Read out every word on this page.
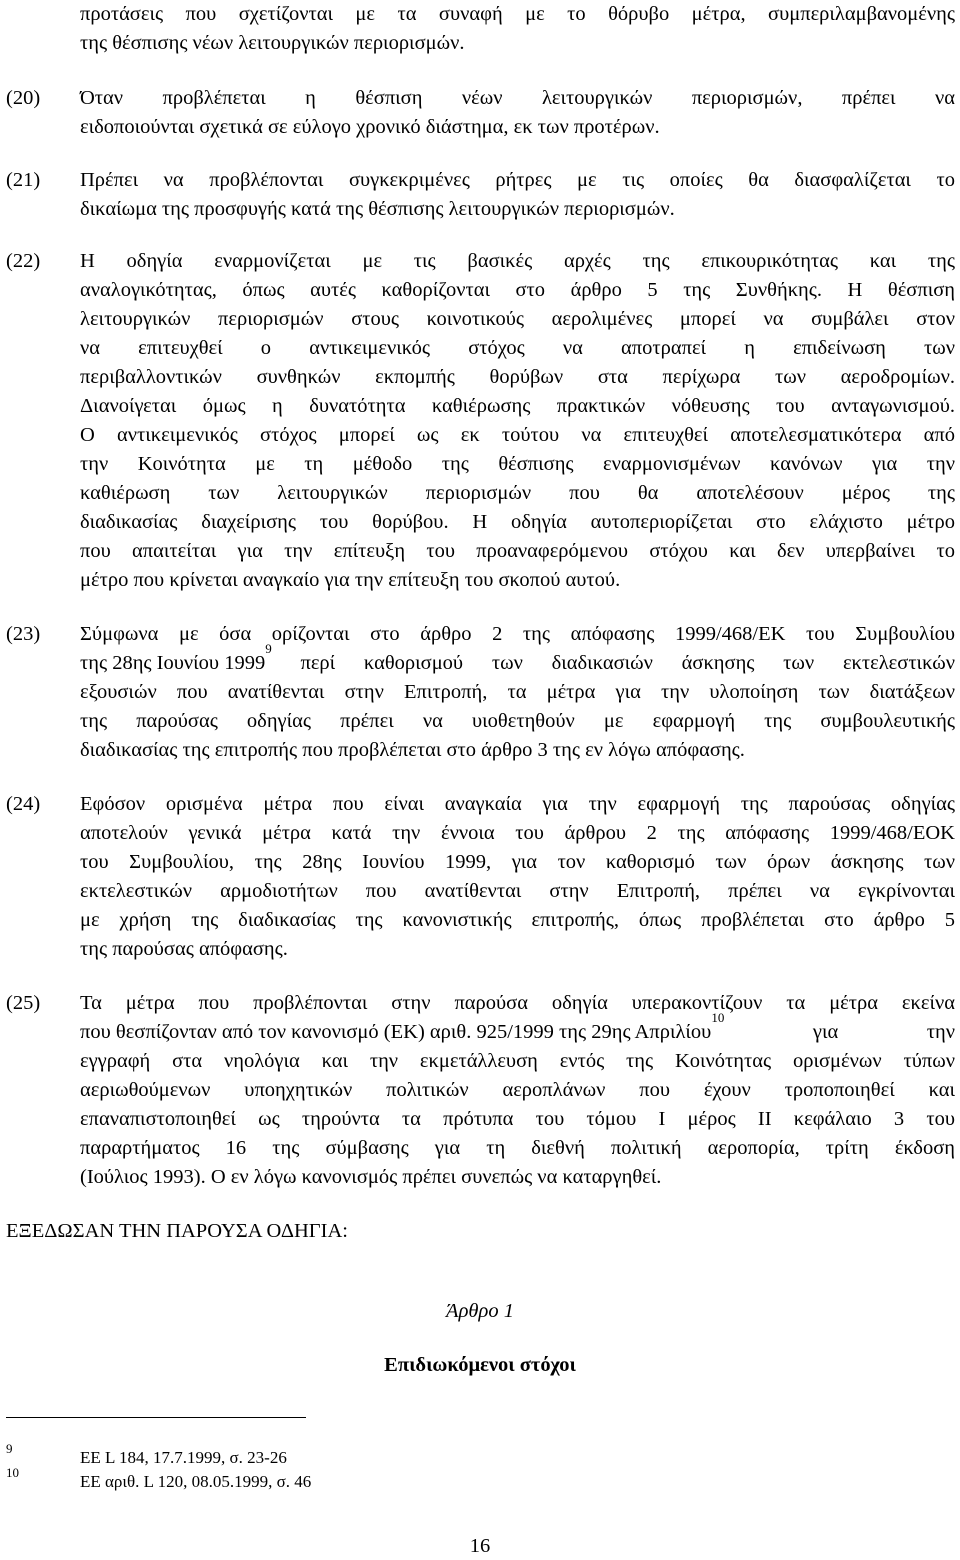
προτάσεις που σχετίζονται με τα συναφή με το θόρυβο μέτρα, συμπεριλαμβανομένης
της θέσπισης νέων λειτουργικών περιορισμών.
(20) Όταν προβλέπεται η θέσπιση νέων λειτουργικών περιορισμών, πρέπει να
ειδοποιούνται σχετικά σε εύλογο χρονικό διάστημα, εκ των προτέρων.
(21) Πρέπει να προβλέπονται συγκεκριμένες ρήτρες με τις οποίες θα διασφαλίζεται το
δικαίωμα της προσφυγής κατά της θέσπισης λειτουργικών περιορισμών.
(22) Η οδηγία εναρμονίζεται με τις βασικές αρχές της επικουρικότητας και της
αναλογικότητας, όπως αυτές καθορίζονται στο άρθρο 5 της Συνθήκης. Η θέσπιση
λειτουργικών περιορισμών στους κοινοτικούς αερολιμένες μπορεί να συμβάλει στον
να επιτευχθεί ο αντικειμενικός στόχος να αποτραπεί η επιδείνωση των
περιβαλλοντικών συνθηκών εκπομπής θορύβων στα περίχωρα των αεροδρομίων.
Διανοίγεται όμως η δυνατότητα καθιέρωσης πρακτικών νόθευσης του ανταγωνισμού.
Ο αντικειμενικός στόχος μπορεί ως εκ τούτου να επιτευχθεί αποτελεσματικότερα από
την Κοινότητα με τη μέθοδο της θέσπισης εναρμονισμένων κανόνων για την
καθιέρωση των λειτουργικών περιορισμών που θα αποτελέσουν μέρος της
διαδικασίας διαχείρισης του θορύβου. Η οδηγία αυτοπεριορίζεται στο ελάχιστο μέτρο
που απαιτείται για την επίτευξη του προαναφερόμενου στόχου και δεν υπερβαίνει το
μέτρο που κρίνεται αναγκαίο για την επίτευξη του σκοπού αυτού.
(23) Σύμφωνα με όσα ορίζονται στο άρθρο 2 της απόφασης 1999/468/ΕΚ του Συμβουλίου
της 28ης Ιουνίου 1999
9
περί καθορισμού των διαδικασιών άσκησης των εκτελεστικών
εξουσιών που ανατίθενται στην Επιτροπή, τα μέτρα για την υλοποίηση των διατάξεων
της παρούσας οδηγίας πρέπει να υιοθετηθούν με εφαρμογή της συμβουλευτικής
διαδικασίας της επιτροπής που προβλέπεται στο άρθρο 3 της εν λόγω απόφασης.
(24) Εφόσον ορισμένα μέτρα που είναι αναγκαία για την εφαρμογή της παρούσας οδηγίας
αποτελούν γενικά μέτρα κατά την έννοια του άρθρου 2 της απόφασης 1999/468/ΕΟΚ
του Συμβουλίου, της 28ης Ιουνίου 1999, για τον καθορισμό των όρων άσκησης των
εκτελεστικών αρμοδιοτήτων που ανατίθενται στην Επιτροπή, πρέπει να εγκρίνονται
με χρήση της διαδικασίας της κανονιστικής επιτροπής, όπως προβλέπεται στο άρθρο 5
της παρούσας απόφασης.
(25) Τα μέτρα που προβλέπονται στην παρούσα οδηγία υπερακοντίζουν τα μέτρα εκείνα
που θεσπίζονταν από τον κανονισμό (ΕΚ) αριθ. 925/1999 της 29ης Απριλίου
10
για την
εγγραφή στα νηολόγια και την εκμετάλλευση εντός της Κοινότητας ορισμένων τύπων
αεριωθούμενων υποηχητικών πολιτικών αεροπλάνων που έχουν τροποποιηθεί και
επαναπιστοποιηθεί ως τηρούντα τα πρότυπα του τόμου Ι μέρος ΙΙ κεφάλαιο 3 του
παραρτήματος 16 της σύμβασης για τη διεθνή πολιτική αεροπορία, τρίτη έκδοση
(Ιούλιος 1993). Ο εν λόγω κανονισμός πρέπει συνεπώς να καταργηθεί.
ΕΞΕΔΩΣΑΝ ΤΗΝ ΠΑΡΟΥΣΑ ΟΔΗΓΙΑ:
Άρθρο 1
Επιδιωκόμενοι στόχοι
9	ΕΕ L 184, 17.7.1999, σ. 23-26
10	ΕΕ αριθ. L 120, 08.05.1999, σ. 46
16
